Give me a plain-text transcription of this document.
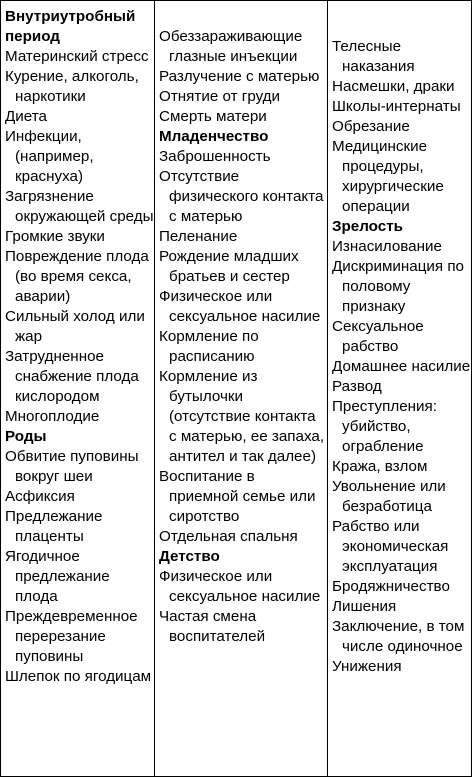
Внутриутробный период
Материнский стресс
Курение, алкоголь, наркотики
Диета
Инфекции, (например, краснуха)
Загрязнение окружающей среды
Громкие звуки
Повреждение плода (во время секса, аварии)
Сильный холод или жар
Затрудненное снабжение плода кислородом
Многоплодие
Роды
Обвитие пуповины вокруг шеи
Асфиксия
Предлежание плаценты
Ягодичное предлежание плода
Преждевременное перерезание пуповины
Шлепок по ягодицам
Обеззараживающие глазные инъекции
Разлучение с матерью
Отнятие от груди
Смерть матери
Младенчество
Заброшенность
Отсутствие физического контакта с матерью
Пеленание
Рождение младших братьев и сестер
Физическое или сексуальное насилие
Кормление по расписанию
Кормление из бутылочки (отсутствие контакта с матерью, ее запаха, антител и так далее)
Воспитание в приемной семье или сиротство
Отдельная спальня
Детство
Физическое или сексуальное насилие
Частая смена воспитателей
Телесные наказания
Насмешки, драки
Школы-интернаты
Обрезание
Медицинские процедуры, хирургические операции
Зрелость
Изнасилование
Дискриминация по половому признаку
Сексуальное рабство
Домашнее насилие
Развод
Преступления: убийство, ограбление
Кража, взлом
Увольнение или безработица
Рабство или экономическая эксплуатация
Бродяжничество
Лишения
Заключение, в том числе одиночное
Унижения
